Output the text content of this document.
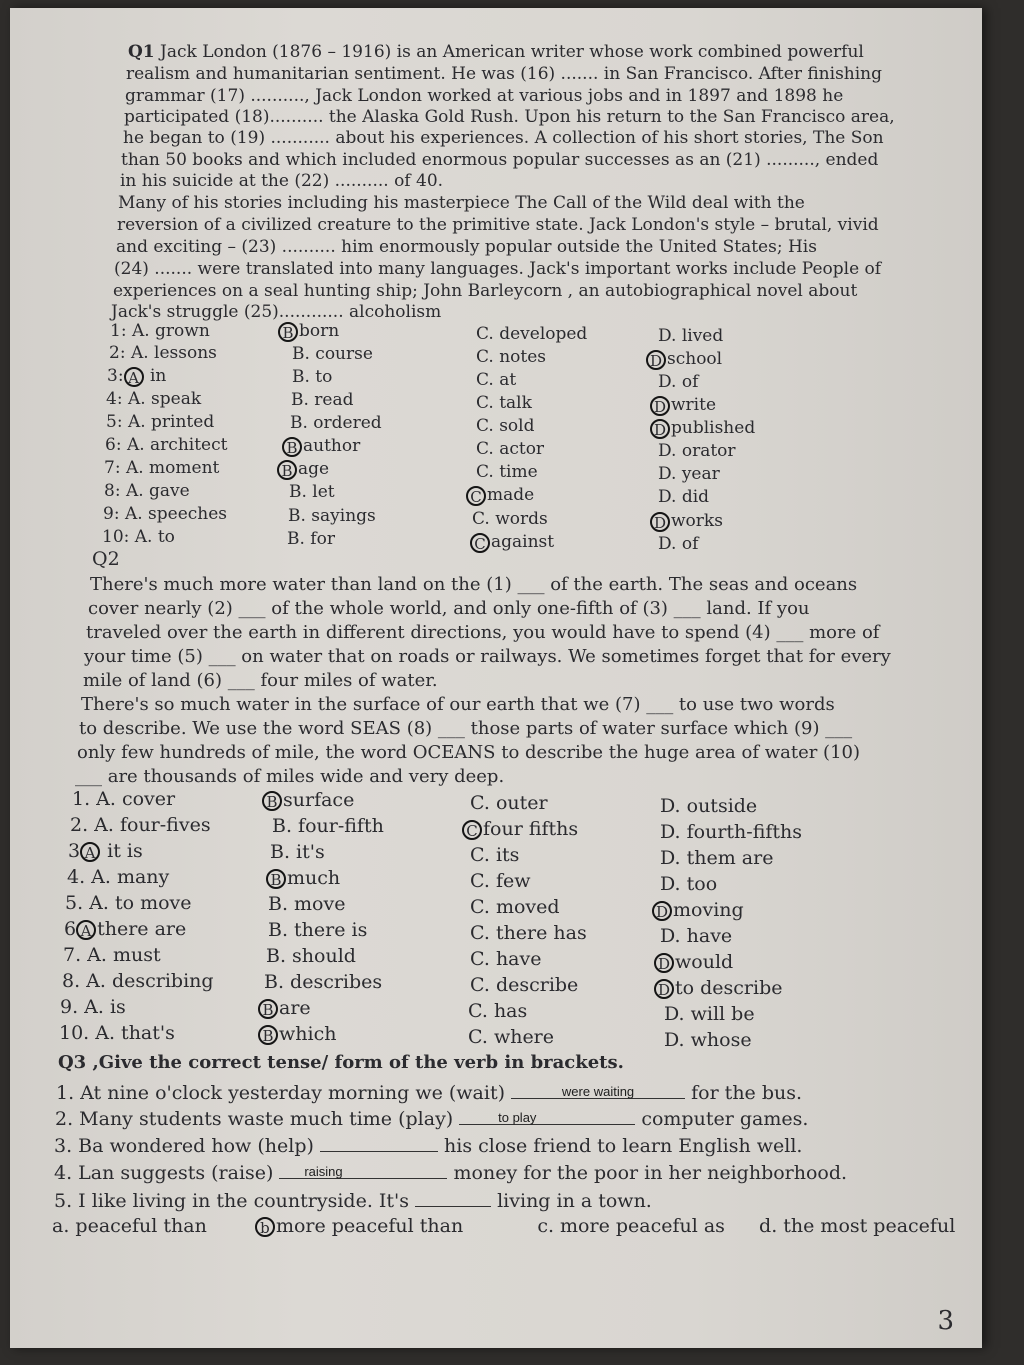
Q1 Jack London (1876 – 1916) is an American writer whose work combined powerful
realism and humanitarian sentiment. He was (16) ....... in San Francisco. After finishing
grammar (17) .........., Jack London worked at various jobs and in 1897 and 1898 he
participated (18).......... the Alaska Gold Rush. Upon his return to the San Francisco area,
he began to (19) ........... about his experiences. A collection of his short stories, The Son
than 50 books and which included enormous popular successes as an (21) ........., ended
in his suicide at the (22) .......... of 40.
Many of his stories including his masterpiece The Call of the Wild deal with the
reversion of a civilized creature to the primitive state. Jack London's style – brutal, vivid
and exciting – (23) .......... him enormously popular outside the United States; His
(24) ....... were translated into many languages. Jack's important works include People of
experiences on a seal hunting ship; John Barleycorn , an autobiographical novel about
Jack's struggle (25)............ alcoholism
1: A. grown	B born	C. developed	D. lived
2: A. lessons	B. course	C. notes	D school
3: A in	B. to	C. at	D. of
4: A. speak	B. read	C. talk	D write
5: A. printed	B. ordered	C. sold	D published
6: A. architect	B author	C. actor	D. orator
7: A. moment	B age	C. time	D. year
8: A. gave	B. let	C made	D. did
9: A. speeches	B. sayings	C. words	D works
10: A. to	B. for	C against	D. of
Q2
There's much more water than land on the (1) ___ of the earth. The seas and oceans
cover nearly (2) ___ of the whole world, and only one-fifth of (3) ___ land. If you
traveled over the earth in different directions, you would have to spend (4) ___ more of
your time (5) ___ on water that on roads or railways. We sometimes forget that for every
mile of land (6) ___ four miles of water.
There's so much water in the surface of our earth that we (7) ___ to use two words
to describe. We use the word SEAS (8) ___ those parts of water surface which (9) ___
only few hundreds of mile, the word OCEANS to describe the huge area of water (10)
___ are thousands of miles wide and very deep.
1. A. cover	B surface	C. outer	D. outside
2. A. four-fives	B. four-fifth	C four fifths	D. fourth-fifths
3 A it is	B. it's	C. its	D. them are
4. A. many	B much	C. few	D. too
5. A. to move	B. move	C. moved	D moving
6 A there are	B. there is	C. there has	D. have
7. A. must	B. should	C. have	D would
8. A. describing	B. describes	C. describe	D to describe
9. A. is	B are	C. has	D. will be
10. A. that's	B which	C. where	D. whose
Q3 ,Give the correct tense/ form of the verb in brackets.
1. At nine o'clock yesterday morning we (wait)	were waiting	for the bus.
2. Many students waste much time (play)	to play	computer games.
3. Ba wondered how (help)	his close friend to learn English well.
4. Lan suggests (raise)	raising	money for the poor in her neighborhood.
5. I like living in the countryside. It's	living in a town.
a. peaceful than	b more peaceful than	c. more peaceful as d. the most peaceful
3
